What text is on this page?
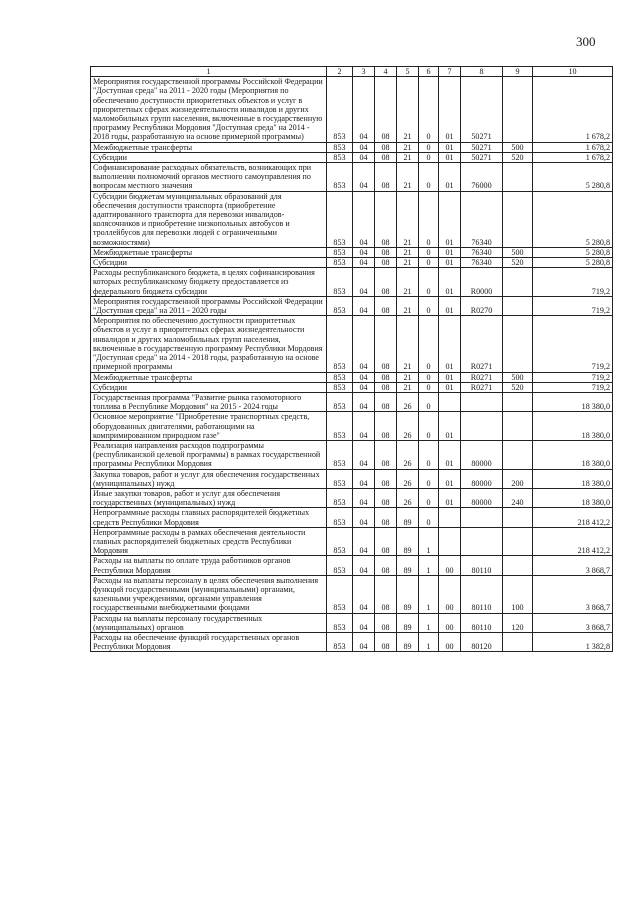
300
1	2	3	4	5	6	7	8	9	10
Мероприятия государственной программы Российской Федерации "Доступная среда" на 2011 - 2020 годы (Мероприятия по обеспечению доступности приоритетных объектов и услуг в приоритетных сферах жизнедеятельности инвалидов и других маломобильных групп населения, включенные в государственную программу Республики Мордовия "Доступная среда" на 2014 - 2018 годы, разработанную на основе примерной программы)	853	04	08	21	0	01	50271		1 678,2
Межбюджетные трансферты	853	04	08	21	0	01	50271	500	1 678,2
Субсидии	853	04	08	21	0	01	50271	520	1 678,2
Софинансирование расходных обязательств, возникающих при выполнении полномочий органов местного самоуправления по вопросам местного значения	853	04	08	21	0	01	76000		5 280,8
Субсидии бюджетам муниципальных образований для обеспечения доступности транспорта (приобретение адаптированного транспорта для перевозки инвалидов-колясочников и приобретение низкопольных автобусов и троллейбусов для перевозки людей с ограниченными возможностями)	853	04	08	21	0	01	76340		5 280,8
Межбюджетные трансферты	853	04	08	21	0	01	76340	500	5 280,8
Субсидии	853	04	08	21	0	01	76340	520	5 280,8
Расходы республиканского бюджета, в целях софинансирования которых республиканскому бюджету предоставляется из федерального бюджета субсидии	853	04	08	21	0	01	R0000		719,2
Мероприятия государственной программы Российской Федерации "Доступная среда" на 2011 - 2020 годы	853	04	08	21	0	01	R0270		719,2
Мероприятия по обеспечению доступности приоритетных объектов и услуг в приоритетных сферах жизнедеятельности инвалидов и других маломобильных групп населения, включенные в государственную программу Республики Мордовия "Доступная среда" на 2014 - 2018 годы, разработанную на основе примерной программы	853	04	08	21	0	01	R0271		719,2
Межбюджетные трансферты	853	04	08	21	0	01	R0271	500	719,2
Субсидии	853	04	08	21	0	01	R0271	520	719,2
Государственная программа "Развитие рынка газомоторного топлива в Республике Мордовия" на 2015 - 2024 годы	853	04	08	26	0				18 380,0
Основное мероприятие "Приобретение транспортных средств, оборудованных двигателями, работающими на компримированном природном газе"	853	04	08	26	0	01			18 380,0
Реализация направления расходов подпрограммы (республиканской целевой программы) в рамках государственной программы Республики Мордовия	853	04	08	26	0	01	80000		18 380,0
Закупка товаров, работ и услуг для обеспечения государственных (муниципальных) нужд	853	04	08	26	0	01	80000	200	18 380,0
Иные закупки товаров, работ и услуг для обеспечения государственных (муниципальных) нужд	853	04	08	26	0	01	80000	240	18 380,0
Непрограммные расходы главных распорядителей бюджетных средств Республики Мордовия	853	04	08	89	0				218 412,2
Непрограммные расходы в рамках обеспечения деятельности главных распорядителей бюджетных средств Республики Мордовия	853	04	08	89	1				218 412,2
Расходы на выплаты по оплате труда работников органов Республики Мордовия	853	04	08	89	1	00	80110		3 868,7
Расходы на выплаты персоналу в целях обеспечения выполнения функций государственными (муниципальными) органами, казенными учреждениями, органами управления государственными внебюджетными фондами	853	04	08	89	1	00	80110	100	3 868,7
Расходы на выплаты персоналу государственных (муниципальных) органов	853	04	08	89	1	00	80110	120	3 868,7
Расходы на обеспечение функций государственных органов Республики Мордовия	853	04	08	89	1	00	80120		1 382,8
